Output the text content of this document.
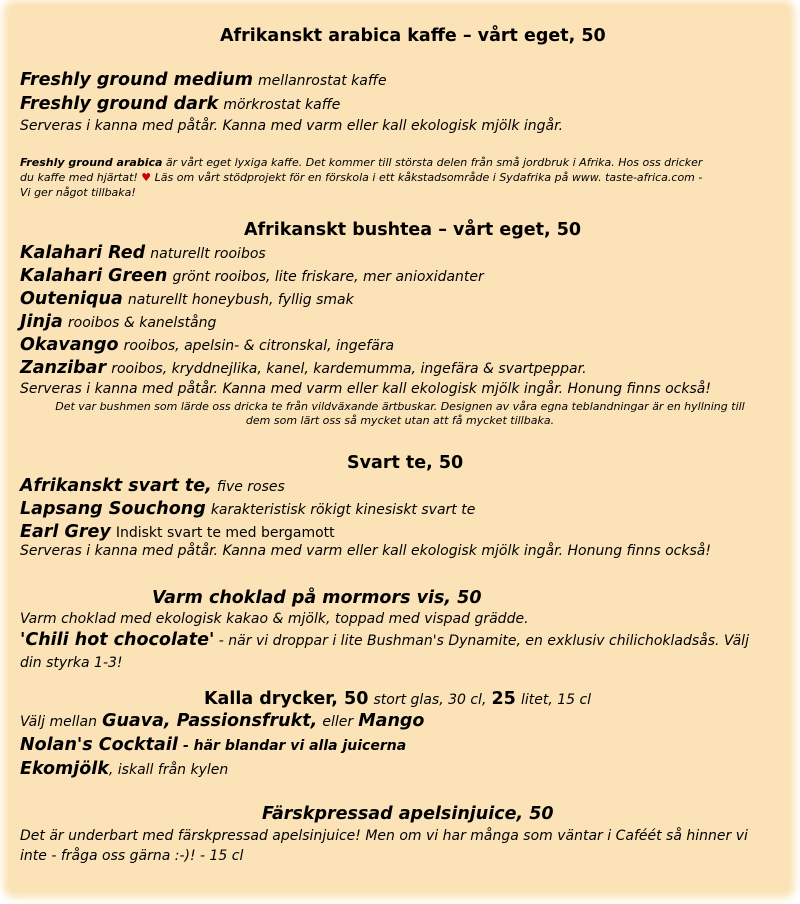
Afrikanskt arabica kaffe – vårt eget, 50
Freshly ground medium mellanrostat kaffe
Freshly ground dark mörkrostat kaffe
Serveras i kanna med påtår. Kanna med varm eller kall ekologisk mjölk ingår.
Freshly ground arabica är vårt eget lyxiga kaffe. Det kommer till största delen från små jordbruk i Afrika. Hos oss dricker
du kaffe med hjärtat! ♥ Läs om vårt stödprojekt för en förskola i ett kåkstadsområde i Sydafrika på www. taste-africa.com -
Vi ger något tillbaka!
Afrikanskt bushtea – vårt eget, 50
Kalahari Red naturellt rooibos
Kalahari Green grönt rooibos, lite friskare, mer anioxidanter
Outeniqua naturellt honeybush, fyllig smak
Jinja rooibos & kanelstång
Okavango rooibos, apelsin- & citronskal, ingefära
Zanzibar rooibos, kryddnejlika, kanel, kardemumma, ingefära & svartpeppar.
Serveras i kanna med påtår. Kanna med varm eller kall ekologisk mjölk ingår. Honung finns också!
Det var bushmen som lärde oss dricka te från vildväxande ärtbuskar. Designen av våra egna teblandningar är en hyllning till
dem som lärt oss så mycket utan att få mycket tillbaka.
Svart te, 50
Afrikanskt svart te, five roses
Lapsang Souchong karakteristisk rökigt kinesiskt svart te
Earl Grey Indiskt svart te med bergamott
Serveras i kanna med påtår. Kanna med varm eller kall ekologisk mjölk ingår. Honung finns också!
Varm choklad på mormors vis, 50
Varm choklad med ekologisk kakao & mjölk, toppad med vispad grädde.
'Chili hot chocolate' - när vi droppar i lite Bushman's Dynamite, en exklusiv chilichokladsås. Välj
din styrka 1-3!
Kalla drycker, 50 stort glas, 30 cl, 25 litet, 15 cl
Välj mellan Guava, Passionsfrukt, eller Mango
Nolan's Cocktail - här blandar vi alla juicerna
Ekomjölk, iskall från kylen
Färskpressad apelsinjuice, 50
Det är underbart med färskpressad apelsinjuice! Men om vi har många som väntar i Caféét så hinner vi
inte - fråga oss gärna :-)! - 15 cl
